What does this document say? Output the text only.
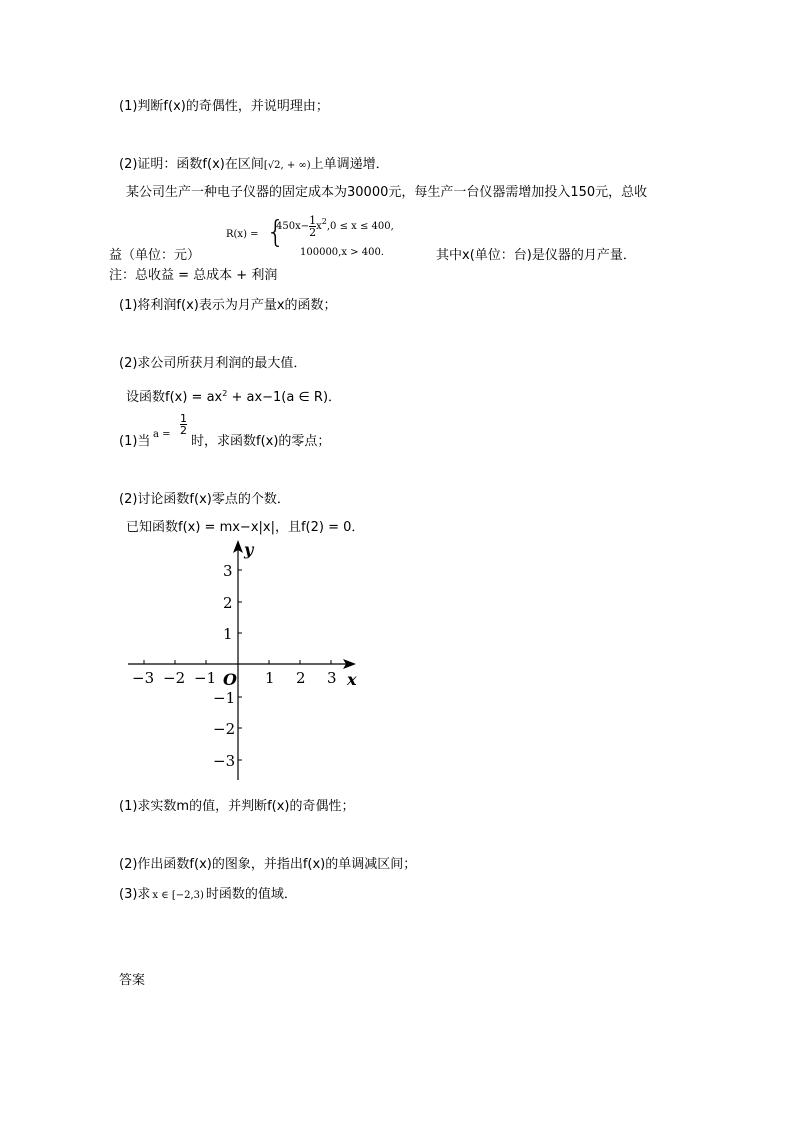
(1)判断f(x)的奇偶性，并说明理由；
(2)证明：函数f(x)在区间[√2, + ∞)上单调递增．
某公司生产一种电子仪器的固定成本为30000元，每生产一台仪器需增加投入150元，总收
R(x) = {
$450x- \frac{1}{2} x^2,0 \le x \le 400$,
100000,x > 400．
益（单位：元）	其中x(单位：台)是仪器的月产量．
注：总收益 = 总成本 + 利润
(1)将利润f(x)表示为月产量x的函数；
(2)求公司所获月利润的最大值．
设函数$f(x) = ax^2 + ax-1(a$ ∈ R)．
(1)当 $a = \frac{1}{2}$
时，求函数f(x)的零点；
(2)讨论函数f(x)零点的个数．
已知函数f(x) = mx−x|x|，且f(2) = 0．
y
x
O
−3 −2 −1	1 2 3
3
2
1
−1
−2
−3
(1)求实数m的值，并判断f(x)的奇偶性；
(2)作出函数f(x)的图象，并指出f(x)的单调减区间；
(3)求 x ∈ [−2,3) 时函数的值域．
答案
